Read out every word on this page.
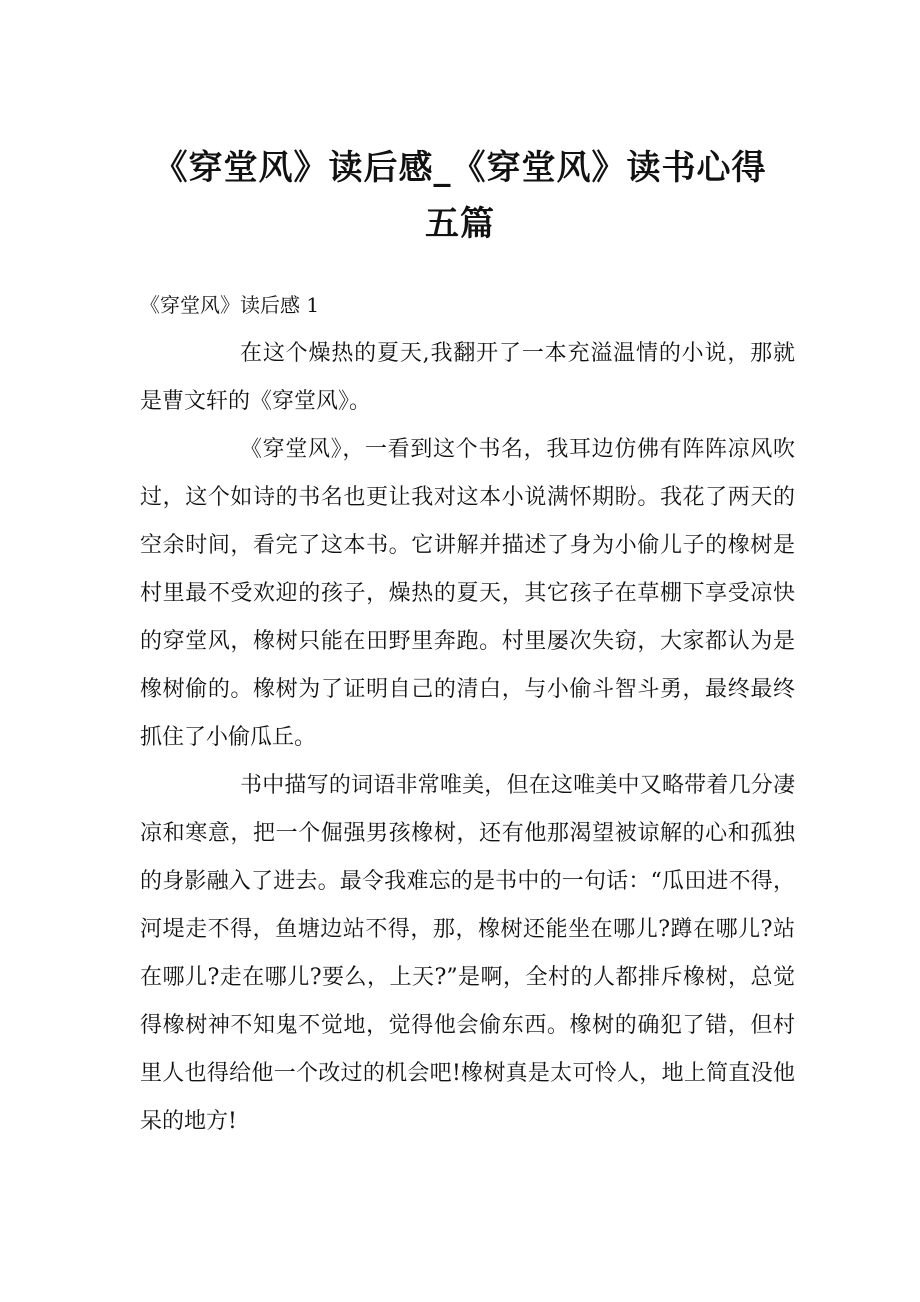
《穿堂风》读后感_《穿堂风》读书心得五篇

《穿堂风》读后感 1

在这个燥热的夏天,我翻开了一本充溢温情的小说，那就是曹文轩的《穿堂风》。

《穿堂风》，一看到这个书名，我耳边仿佛有阵阵凉风吹过，这个如诗的书名也更让我对这本小说满怀期盼。我花了两天的空余时间，看完了这本书。它讲解并描述了身为小偷儿子的橡树是村里最不受欢迎的孩子，燥热的夏天，其它孩子在草棚下享受凉快的穿堂风，橡树只能在田野里奔跑。村里屡次失窃，大家都认为是橡树偷的。橡树为了证明自己的清白，与小偷斗智斗勇，最终最终抓住了小偷瓜丘。

书中描写的词语非常唯美，但在这唯美中又略带着几分凄凉和寒意，把一个倔强男孩橡树，还有他那渴望被谅解的心和孤独的身影融入了进去。最令我难忘的是书中的一句话：“瓜田进不得，河堤走不得，鱼塘边站不得，那，橡树还能坐在哪儿?蹲在哪儿?站在哪儿?走在哪儿?要么，上天?”是啊，全村的人都排斥橡树，总觉得橡树神不知鬼不觉地，觉得他会偷东西。橡树的确犯了错，但村里人也得给他一个改过的机会吧!橡树真是太可怜人，地上简直没他呆的地方!
